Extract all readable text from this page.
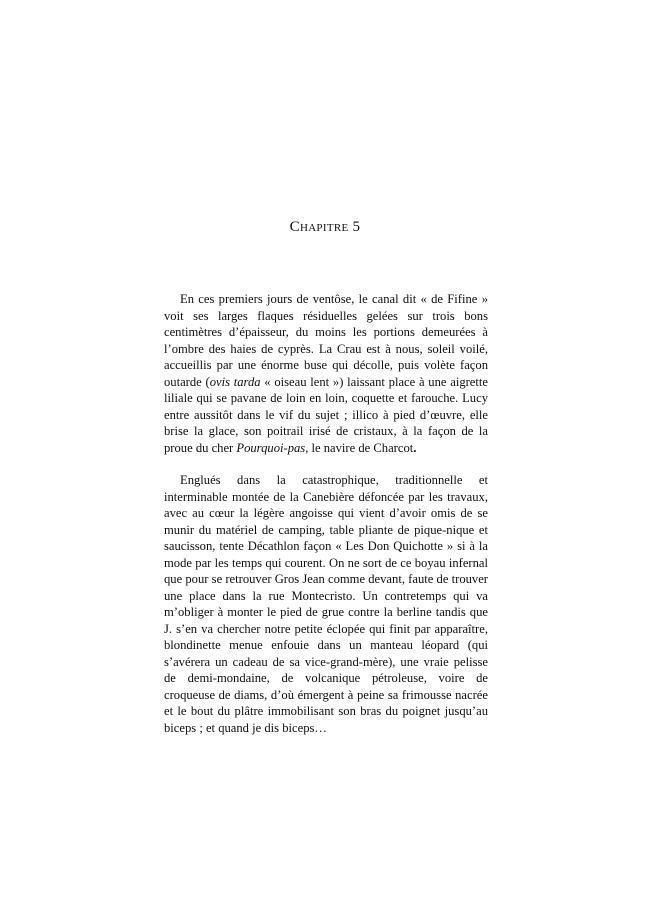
Chapitre 5

En ces premiers jours de ventôse, le canal dit « de Fifine » voit ses larges flaques résiduelles gelées sur trois bons centimètres d’épaisseur, du moins les portions demeurées à l’ombre des haies de cyprès. La Crau est à nous, soleil voilé, accueillis par une énorme buse qui décolle, puis volète façon outarde (ovis tarda « oiseau lent ») laissant place à une aigrette liliale qui se pavane de loin en loin, coquette et farouche. Lucy entre aussitôt dans le vif du sujet ; illico à pied d’œuvre, elle brise la glace, son poitrail irisé de cristaux, à la façon de la proue du cher Pourquoi-pas, le navire de Charcot.

Englués dans la catastrophique, traditionnelle et interminable montée de la Canebière défoncée par les travaux, avec au cœur la légère angoisse qui vient d’avoir omis de se munir du matériel de camping, table pliante de pique-nique et saucisson, tente Décathlon façon « Les Don Quichotte » si à la mode par les temps qui courent. On ne sort de ce boyau infernal que pour se retrouver Gros Jean comme devant, faute de trouver une place dans la rue Montecristo. Un contretemps qui va m’obliger à monter le pied de grue contre la berline tandis que J. s’en va chercher notre petite éclopée qui finit par apparaître, blondinette menue enfouie dans un manteau léopard (qui s’avérera un cadeau de sa vice-grand-mère), une vraie pelisse de demi-mondaine, de volcanique pétroleuse, voire de croqueuse de diams, d’où émergent à peine sa frimousse nacrée et le bout du plâtre immobilisant son bras du poignet jusqu’au biceps ; et quand je dis biceps…
